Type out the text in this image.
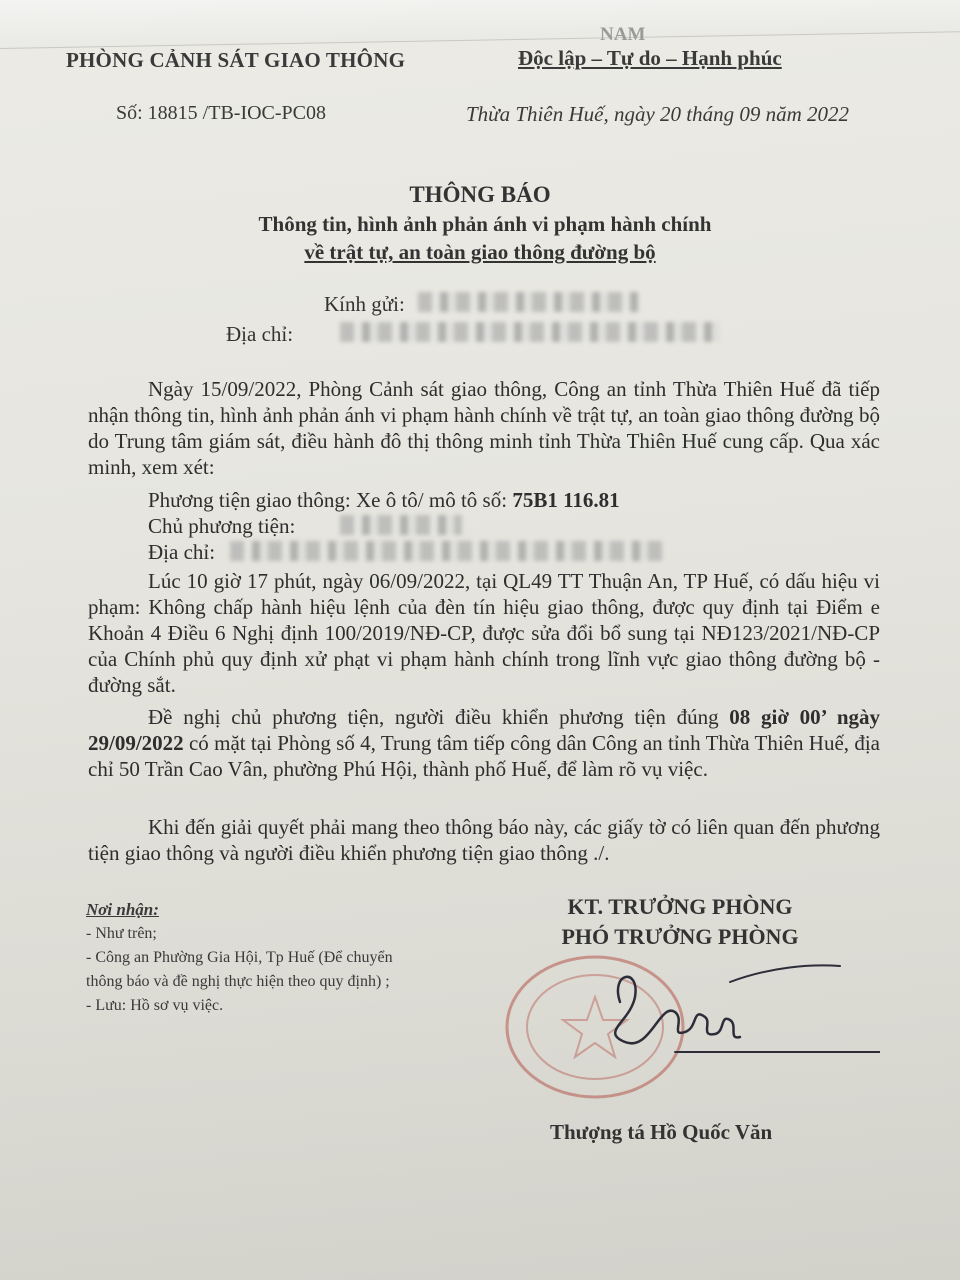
NAM
PHÒNG CẢNH SÁT GIAO THÔNG	Độc lập – Tự do – Hạnh phúc
Số: 18815 /TB-IOC-PC08	Thừa Thiên Huế, ngày 20 tháng 09 năm 2022
THÔNG BÁO
Thông tin, hình ảnh phản ánh vi phạm hành chính
về trật tự, an toàn giao thông đường bộ
Kính gửi:
Địa chỉ:
Ngày 15/09/2022, Phòng Cảnh sát giao thông, Công an tỉnh Thừa Thiên Huế đã tiếp nhận thông tin, hình ảnh phản ánh vi phạm hành chính về trật tự, an toàn giao thông đường bộ do Trung tâm giám sát, điều hành đô thị thông minh tỉnh Thừa Thiên Huế cung cấp. Qua xác minh, xem xét:
Phương tiện giao thông: Xe ô tô/ mô tô số: 75B1 116.81
Chủ phương tiện:
Địa chỉ:
Lúc 10 giờ 17 phút, ngày 06/09/2022, tại QL49 TT Thuận An, TP Huế, có dấu hiệu vi phạm: Không chấp hành hiệu lệnh của đèn tín hiệu giao thông, được quy định tại Điểm e Khoản 4 Điều 6 Nghị định 100/2019/NĐ-CP, được sửa đổi bổ sung tại NĐ123/2021/NĐ-CP của Chính phủ quy định xử phạt vi phạm hành chính trong lĩnh vực giao thông đường bộ - đường sắt.
Đề nghị chủ phương tiện, người điều khiển phương tiện đúng 08 giờ 00’ ngày 29/09/2022 có mặt tại Phòng số 4, Trung tâm tiếp công dân Công an tỉnh Thừa Thiên Huế, địa chỉ 50 Trần Cao Vân, phường Phú Hội, thành phố Huế, để làm rõ vụ việc.
Khi đến giải quyết phải mang theo thông báo này, các giấy tờ có liên quan đến phương tiện giao thông và người điều khiển phương tiện giao thông ./.
Nơi nhận:
- Như trên;
- Công an Phường Gia Hội, Tp Huế (Để chuyển
thông báo và đề nghị thực hiện theo quy định) ;
- Lưu: Hồ sơ vụ việc.
KT. TRƯỞNG PHÒNG
PHÓ TRƯỞNG PHÒNG
Thượng tá Hồ Quốc Văn
